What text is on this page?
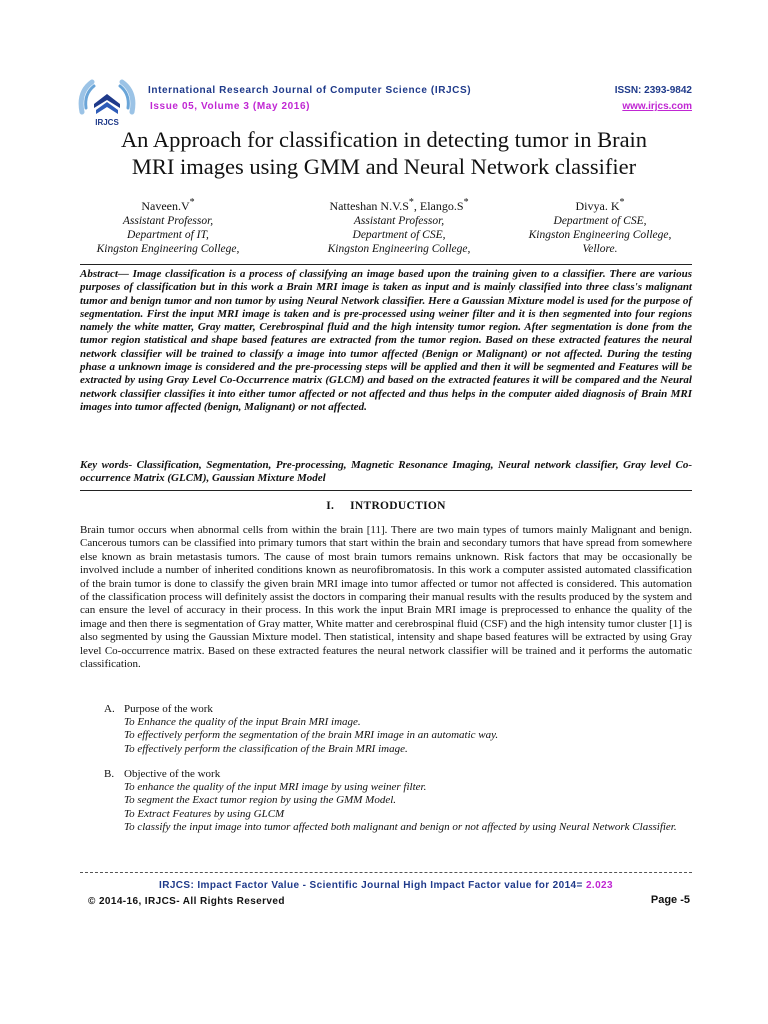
IRJCS
International Research Journal of Computer Science (IRJCS)
Issue 05, Volume 3 (May 2016)
ISSN: 2393-9842
www.irjcs.com
An Approach for classification in detecting tumor in Brain
MRI images using GMM and Neural Network classifier
Naveen.V*
Assistant Professor,
Department of IT,
Kingston Engineering College,
Natteshan N.V.S*, Elango.S*
Assistant Professor,
Department of CSE,
Kingston Engineering College,
Divya. K*
Department of CSE,
Kingston Engineering College,
Vellore.
Abstract— Image classification is a process of classifying an image based upon the training given to a classifier. There are various purposes of classification but in this work a Brain MRI image is taken as input and is mainly classified into three class's malignant tumor and benign tumor and non tumor by using Neural Network classifier. Here a Gaussian Mixture model is used for the purpose of segmentation. First the input MRI image is taken and is pre-processed using weiner filter and it is then segmented into four regions namely the white matter, Gray matter, Cerebrospinal fluid and the high intensity tumor region. After segmentation is done from the tumor region statistical and shape based features are extracted from the tumor region. Based on these extracted features the neural network classifier will be trained to classify a image into tumor affected (Benign or Malignant) or not affected. During the testing phase a unknown image is considered and the pre-processing steps will be applied and then it will be segmented and Features will be extracted by using Gray Level Co-Occurrence matrix (GLCM) and based on the extracted features it will be compared and the Neural network classifier classifies it into either tumor affected or not affected and thus helps in the computer aided diagnosis of Brain MRI images into tumor affected (benign, Malignant) or not affected.
Key words- Classification, Segmentation, Pre-processing, Magnetic Resonance Imaging, Neural network classifier, Gray level Co-occurrence Matrix (GLCM), Gaussian Mixture Model
I. INTRODUCTION
Brain tumor occurs when abnormal cells from within the brain [11]. There are two main types of tumors mainly Malignant and benign. Cancerous tumors can be classified into primary tumors that start within the brain and secondary tumors that have spread from somewhere else known as brain metastasis tumors. The cause of most brain tumors remains unknown. Risk factors that may be occasionally be involved include a number of inherited conditions known as neurofibromatosis. In this work a computer assisted automated classification of the brain tumor is done to classify the given brain MRI image into tumor affected or tumor not affected is considered. This automation of the classification process will definitely assist the doctors in comparing their manual results with the results produced by the system and can ensure the level of accuracy in their process. In this work the input Brain MRI image is preprocessed to enhance the quality of the image and then there is segmentation of Gray matter, White matter and cerebrospinal fluid (CSF) and the high intensity tumor cluster [1] is also segmented by using the Gaussian Mixture model. Then statistical, intensity and shape based features will be extracted by using Gray level Co-occurrence matrix. Based on these extracted features the neural network classifier will be trained and it performs the automatic classification.
A. Purpose of the work
To Enhance the quality of the input Brain MRI image.
To effectively perform the segmentation of the brain MRI image in an automatic way.
To effectively perform the classification of the Brain MRI image.
B. Objective of the work
To enhance the quality of the input MRI image by using weiner filter.
To segment the Exact tumor region by using the GMM Model.
To Extract Features by using GLCM
To classify the input image into tumor affected both malignant and benign or not affected by using Neural Network Classifier.
IRJCS: Impact Factor Value - Scientific Journal High Impact Factor value for 2014= 2.023
© 2014-16, IRJCS- All Rights Reserved	Page -5
